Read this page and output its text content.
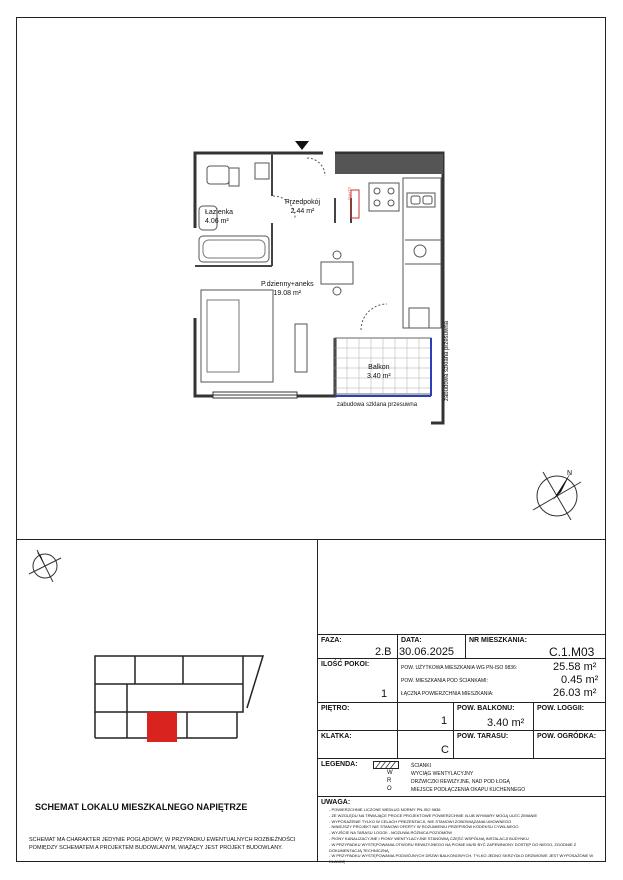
Łazienka
4.06 m²
Przedpokój
2.44 m²
P.dzienny+aneks
19.08 m²
Balkon
3.40 m²
TW+TT
zabudowa szklana przesuwna
zabudowa szklana przesuwna
N
SCHEMAT LOKALU MIESZKALNEGO NAPIĘTRZE
SCHEMAT MA CHARAKTER JEDYNIE POGLĄDOWY, W PRZYPADKU EWENTUALNYCH ROZBIEŻNOŚCI POMIĘDZY SCHEMATEM A PROJEKTEM BUDOWLANYM, WIĄŻĄCY JEST PROJEKT BUDOWLANY.
FAZA:
2.B
DATA:
30.06.2025
NR MIESZKANIA:
C.1.M03
ILOŚĆ POKOI:
1
POW. UŻYTKOWA MIESZKANIA WG PN-ISO 9836:	25.58 m²
POW. MIESZKANIA POD ŚCIANKAMI:	0.45 m²
ŁĄCZNA POWIERZCHNIA MIESZKANIA:	26.03 m²
PIĘTRO:
1
POW. BALKONU:
3.40 m²
POW. LOGGII:
KLATKA:
C
POW. TARASU:	POW. OGRÓDKA:
LEGENDA:	ŚCIANKI
W	WYCIĄG WENTYLACYJNY
R	DRZWICZKI REWIZYJNE, NAD POD ŁOGĄ
O	MIEJSCE PODŁĄCZENIA OKAPU KUCHENNEGO
UWAGA:
- POWIERZCHNIE LICZONE WEDŁUG NORMY PN-ISO 9836
- ZE WZGLĘDU NA TRWAJĄCE PROCE PROJEKTOWE POWIERZCHNIE I/LUB WYMIARY MOGĄ ULEC ZMIANIE
- WYPOSAŻENIE TYLKO W CELACH PREZENTACJI, NIE STANOWI ZOBOWIĄZANIA UMOWNEGO
- NINIEJSZY PROJEKT NIE STANOWI OFERTY W ROZUMIENIU PRZEPISÓW KODEKSU CYWILNEGO
- WYJŚCIE NA TARASU LOGGII - MOŻLIWA RÓŻNICA POZIOMÓW
- PIONY KANALIZACYJNE I PIONY WENTYLACYJNE STANOWIĄ CZĘŚĆ WSPÓLNĄ INSTALACJI BUDYNKU
- W PRZYPADKU WYSTĘPOWANIA OTWORU REWIZYJNEGO NA PIONIE MUSI BYĆ ZAPEWNIONY DOSTĘP DO NIEGO, ZGODNIE Z DOKUMENTACJĄ TECHNICZNĄ
- W PRZYPADKU WYSTĘPOWANIA PODWÓJNYCH DRZWI BALKONOWYCH, TYLKO JEDNO SKRZYDŁO DRZWIOWE JEST WYPOSAŻONE W KLAMKĘ
